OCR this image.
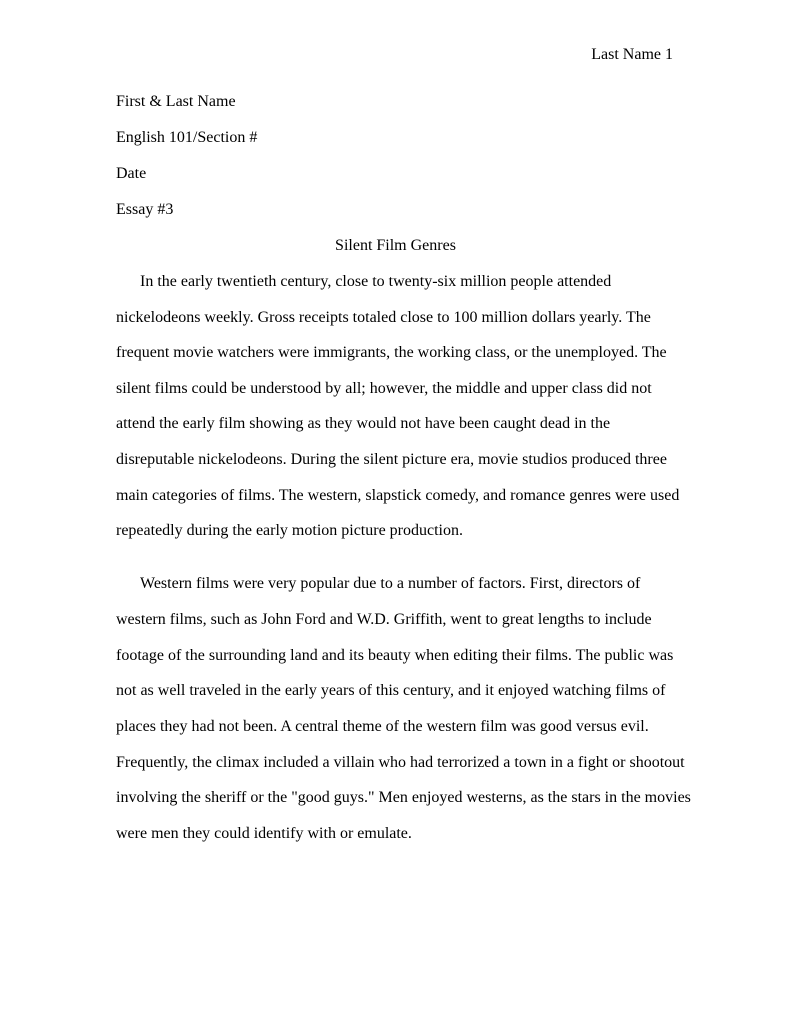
Last Name 1
First & Last Name
English 101/Section #
Date
Essay #3
Silent Film Genres
In the early twentieth century, close to twenty-six million people attended
nickelodeons weekly. Gross receipts totaled close to 100 million dollars yearly. The
frequent movie watchers were immigrants, the working class, or the unemployed. The
silent films could be understood by all; however, the middle and upper class did not
attend the early film showing as they would not have been caught dead in the
disreputable nickelodeons. During the silent picture era, movie studios produced three
main categories of films. The western, slapstick comedy, and romance genres were used
repeatedly during the early motion picture production.
Western films were very popular due to a number of factors. First, directors of
western films, such as John Ford and W.D. Griffith, went to great lengths to include
footage of the surrounding land and its beauty when editing their films. The public was
not as well traveled in the early years of this century, and it enjoyed watching films of
places they had not been. A central theme of the western film was good versus evil.
Frequently, the climax included a villain who had terrorized a town in a fight or shootout
involving the sheriff or the "good guys." Men enjoyed westerns, as the stars in the movies
were men they could identify with or emulate.
